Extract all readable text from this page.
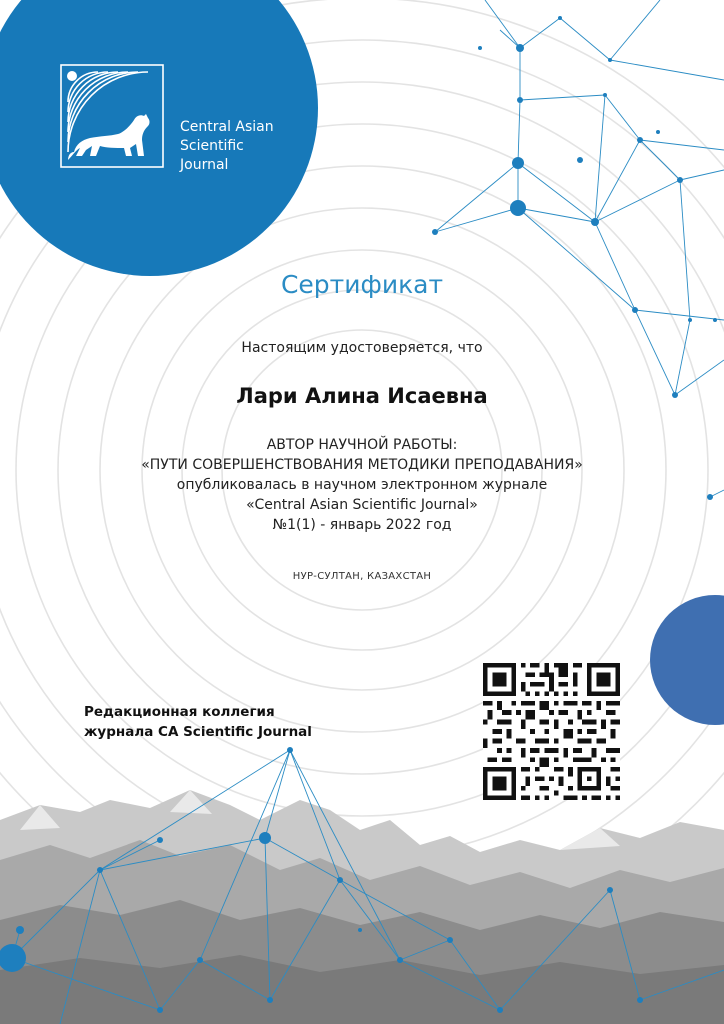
Central Asian
Scientific
Journal
Сертификат
Настоящим удостоверяется, что
Лари Алина Исаевна
АВТОР НАУЧНОЙ РАБОТЫ:
«ПУТИ СОВЕРШЕНСТВОВАНИЯ МЕТОДИКИ ПРЕПОДАВАНИЯ»
опубликовалась в научном электронном журнале
«Central Asian Scientific Journal»
№1(1) - январь 2022 год
НУР-СУЛТАН, КАЗАХСТАН
Редакционная коллегия
журнала CA Scientific Journal
